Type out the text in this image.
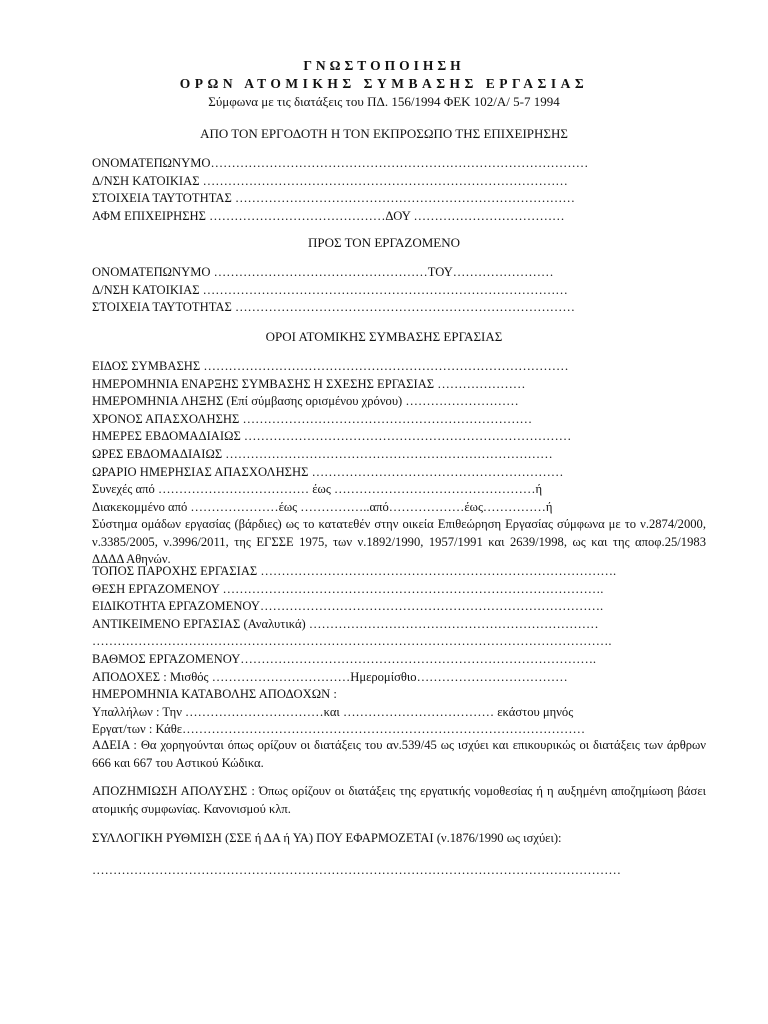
ΓΝΩΣΤΟΠΟΙΗΣΗ
ΟΡΩΝ ΑΤΟΜΙΚΗΣ ΣΥΜΒΑΣΗΣ ΕΡΓΑΣΙΑΣ
Σύμφωνα με τις διατάξεις του ΠΔ. 156/1994 ΦΕΚ 102/Α/ 5-7 1994
ΑΠΟ ΤΟΝ ΕΡΓΟΔΟΤΗ Η ΤΟΝ ΕΚΠΡΟΣΩΠΟ ΤΗΣ ΕΠΙΧΕΙΡΗΣΗΣ
ΟΝΟΜΑΤΕΠΩΝΥΜΟ………………………………………………………………………………
Δ/ΝΣΗ ΚΑΤΟΙΚΙΑΣ ……………………………………………………………………………
ΣΤΟΙΧΕΙΑ ΤΑΥΤΟΤΗΤΑΣ ………………………………………………………………………
ΑΦΜ ΕΠΙΧΕΙΡΗΣΗΣ ……………………………………ΔΟΥ ………………………………
ΠΡΟΣ ΤΟΝ ΕΡΓΑΖΟΜΕΝΟ
ΟΝΟΜΑΤΕΠΩΝΥΜΟ ……………………………………………ΤΟΥ……………………
Δ/ΝΣΗ ΚΑΤΟΙΚΙΑΣ ……………………………………………………………………………
ΣΤΟΙΧΕΙΑ ΤΑΥΤΟΤΗΤΑΣ ………………………………………………………………………
ΟΡΟΙ ΑΤΟΜΙΚΗΣ ΣΥΜΒΑΣΗΣ ΕΡΓΑΣΙΑΣ
ΕΙΔΟΣ ΣΥΜΒΑΣΗΣ ……………………………………………………………………………
ΗΜΕΡΟΜΗΝΙΑ ΕΝΑΡΞΗΣ ΣΥΜΒΑΣΗΣ Η ΣΧΕΣΗΣ ΕΡΓΑΣΙΑΣ …………………
ΗΜΕΡΟΜΗΝΙΑ ΛΗΞΗΣ (Επί σύμβασης ορισμένου χρόνου) ………………………
ΧΡΟΝΟΣ ΑΠΑΣΧΟΛΗΣΗΣ ……………………………………………………………
ΗΜΕΡΕΣ ΕΒΔΟΜΑΔΙΑΙΩΣ ……………………………………………………………………
ΩΡΕΣ ΕΒΔΟΜΑΔΙΑΙΩΣ ……………………………………………………………………
ΩΡΑΡΙΟ ΗΜΕΡΗΣΙΑΣ ΑΠΑΣΧΟΛΗΣΗΣ ……………………………………………………
Συνεχές από ……………………………… έως …………………………………………ή
Διακεκομμένο από …………………έως ……………..από………………έως……………ή
Σύστημα ομάδων εργασίας (βάρδιες) ως το κατατεθέν στην οικεία Επιθεώρηση Εργασίας σύμφωνα με το ν.2874/2000, ν.3385/2005, ν.3996/2011, της ΕΓΣΣΕ 1975, των ν.1892/1990, 1957/1991 και 2639/1998, ως και της αποφ.25/1983 ΔΔΔΔ Αθηνών.
ΤΟΠΟΣ ΠΑΡΟΧΗΣ ΕΡΓΑΣΙΑΣ ………………………………………………………………………….
ΘΕΣΗ ΕΡΓΑΖΟΜΕΝΟΥ ……………………………………………………………………………….
ΕΙΔΙΚΟΤΗΤΑ ΕΡΓΑΖΟΜΕΝΟΥ……………………………………………………………………….
ΑΝΤΙΚΕΙΜΕΝΟ ΕΡΓΑΣΙΑΣ (Αναλυτικά) ……………………………………………………………
…………………………………………………………………………………………………………….
ΒΑΘΜΟΣ ΕΡΓΑΖΟΜΕΝΟΥ………………………………………………………………………….
ΑΠΟΔΟΧΕΣ : Μισθός ……………………………Ημερομίσθιο………………………………
ΗΜΕΡΟΜΗΝΙΑ ΚΑΤΑΒΟΛΗΣ ΑΠΟΔΟΧΩΝ :
Υπαλλήλων : Την ……………………………και ……………………………… εκάστου μηνός
Εργατ/των : Κάθε……………………………………………………………………………………
ΑΔΕΙΑ : Θα χορηγούνται όπως ορίζουν οι διατάξεις του αν.539/45 ως ισχύει και επικουρικώς οι διατάξεις των άρθρων 666 και 667 του Αστικού Κώδικα.
ΑΠΟΖΗΜΙΩΣΗ ΑΠΟΛΥΣΗΣ : Όπως ορίζουν οι διατάξεις της εργατικής νομοθεσίας ή η αυξημένη αποζημίωση βάσει ατομικής συμφωνίας. Κανονισμού κλπ.
ΣΥΛΛΟΓΙΚΗ ΡΥΘΜΙΣΗ (ΣΣΕ ή ΔΑ ή ΥΑ) ΠΟΥ ΕΦΑΡΜΟΖΕΤΑΙ (ν.1876/1990 ως ισχύει):
………………………………………………………………………………………………………………
